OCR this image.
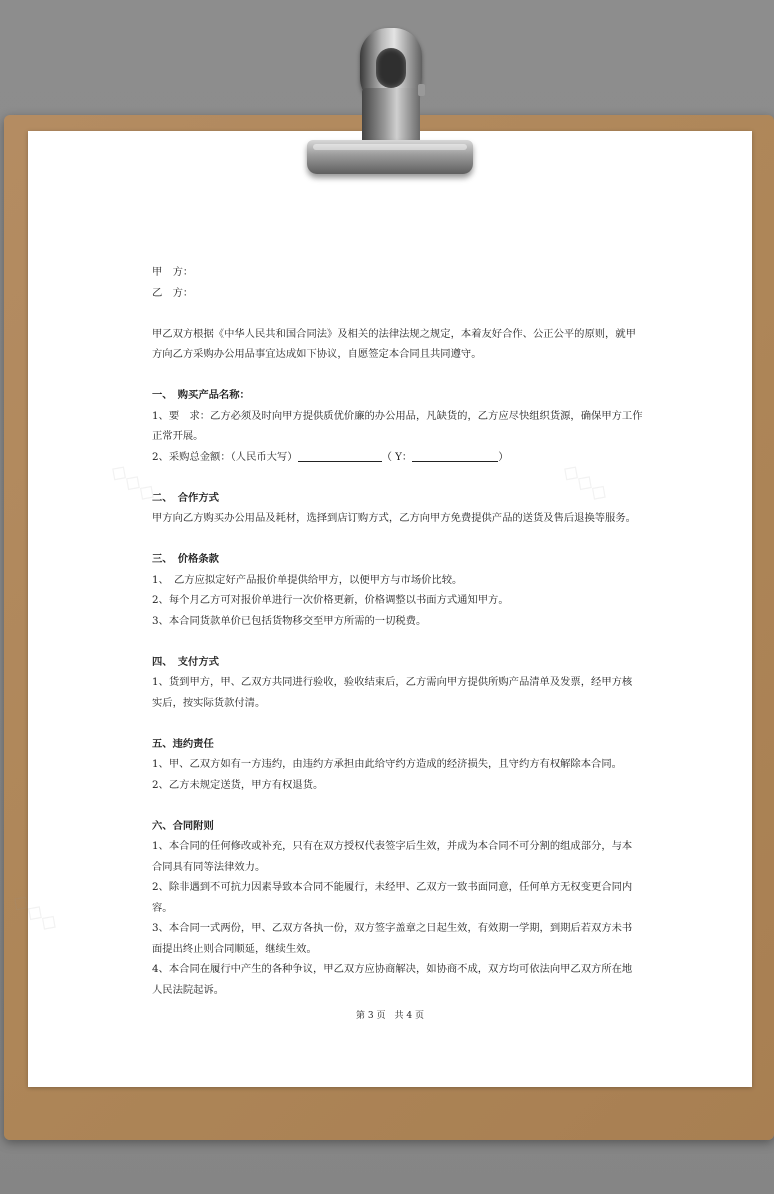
◇◇◇	◇◇◇
◇◇◇
甲　方：
乙　方：
甲乙双方根据《中华人民共和国合同法》及相关的法律法规之规定，本着友好合作、公正公平的原则，就甲
方向乙方采购办公用品事宜达成如下协议，自愿签定本合同且共同遵守。
一、　购买产品名称：
1、要　求：乙方必须及时向甲方提供质优价廉的办公用品，凡缺货的，乙方应尽快组织货源，确保甲方工作
正常开展。
2、采购总金额：（人民币大写）	（ Y：	）
二、　合作方式
甲方向乙方购买办公用品及耗材，选择到店订购方式，乙方向甲方免费提供产品的送货及售后退换等服务。
三、　价格条款
1、　乙方应拟定好产品报价单提供给甲方，以便甲方与市场价比较。
2、每个月乙方可对报价单进行一次价格更新，价格调整以书面方式通知甲方。
3、本合同货款单价已包括货物移交至甲方所需的一切税费。
四、　支付方式
1、货到甲方，甲、乙双方共同进行验收，验收结束后，乙方需向甲方提供所购产品清单及发票，经甲方核
实后，按实际货款付清。
五、违约责任
1、甲、乙双方如有一方违约，由违约方承担由此给守约方造成的经济损失，且守约方有权解除本合同。
2、乙方未规定送货，甲方有权退货。
六、合同附则
1、本合同的任何修改或补充，只有在双方授权代表签字后生效，并成为本合同不可分割的组成部分，与本
合同具有同等法律效力。
2、除非遇到不可抗力因素导致本合同不能履行，未经甲、乙双方一致书面同意，任何单方无权变更合同内
容。
3、本合同一式两份，甲、乙双方各执一份，双方签字盖章之日起生效，有效期一学期，到期后若双方未书
面提出终止则合同顺延，继续生效。
4、本合同在履行中产生的各种争议，甲乙双方应协商解决，如协商不成，双方均可依法向甲乙双方所在地
人民法院起诉。
第 3 页　共 4 页
